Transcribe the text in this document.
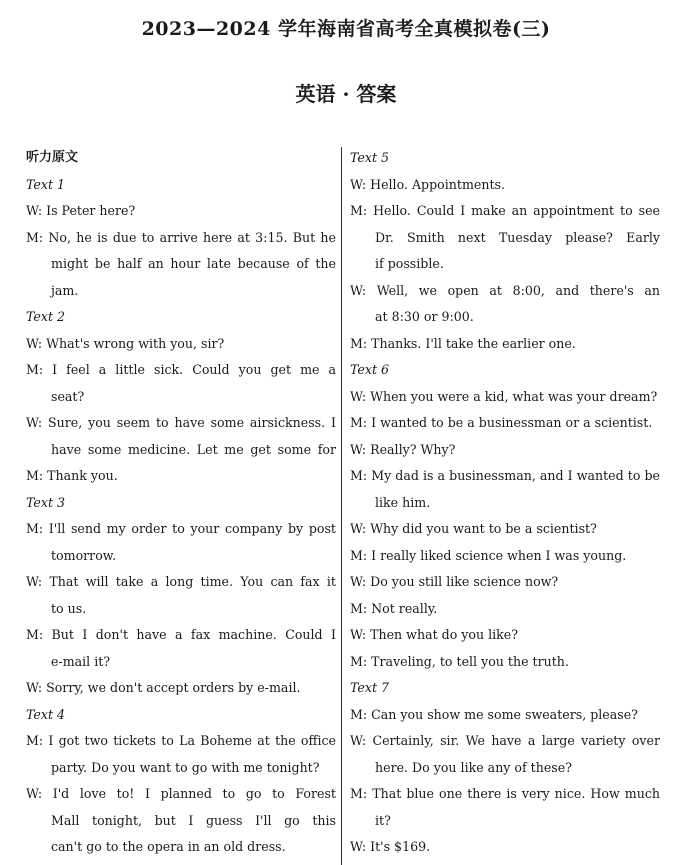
2023—2024 学年海南省高考全真模拟卷(三)
英语 · 答案
听力原文
Text 1
W: Is Peter here?
M: No, he is due to arrive here at 3:15. But he
might be half an hour late because of the
jam.
Text 2
W: What's wrong with you, sir?
M: I feel a little sick. Could you get me a
seat?
W: Sure, you seem to have some airsickness. I
have some medicine. Let me get some for
M: Thank you.
Text 3
M: I'll send my order to your company by post
tomorrow.
W: That will take a long time. You can fax it
to us.
M: But I don't have a fax machine. Could I
e-mail it?
W: Sorry, we don't accept orders by e-mail.
Text 4
M: I got two tickets to La Boheme at the office
party. Do you want to go with me tonight?
W: I'd love to! I planned to go to Forest
Mall tonight, but I guess I'll go this
can't go to the opera in an old dress.
Text 5
W: Hello. Appointments.
M: Hello. Could I make an appointment to see
Dr. Smith next Tuesday please? Early
if possible.
W: Well, we open at 8:00, and there's an
at 8:30 or 9:00.
M: Thanks. I'll take the earlier one.
Text 6
W: When you were a kid, what was your dream?
M: I wanted to be a businessman or a scientist.
W: Really? Why?
M: My dad is a businessman, and I wanted to be
like him.
W: Why did you want to be a scientist?
M: I really liked science when I was young.
W: Do you still like science now?
M: Not really.
W: Then what do you like?
M: Traveling, to tell you the truth.
Text 7
M: Can you show me some sweaters, please?
W: Certainly, sir. We have a large variety over
here. Do you like any of these?
M: That blue one there is very nice. How much
it?
W: It's $169.
